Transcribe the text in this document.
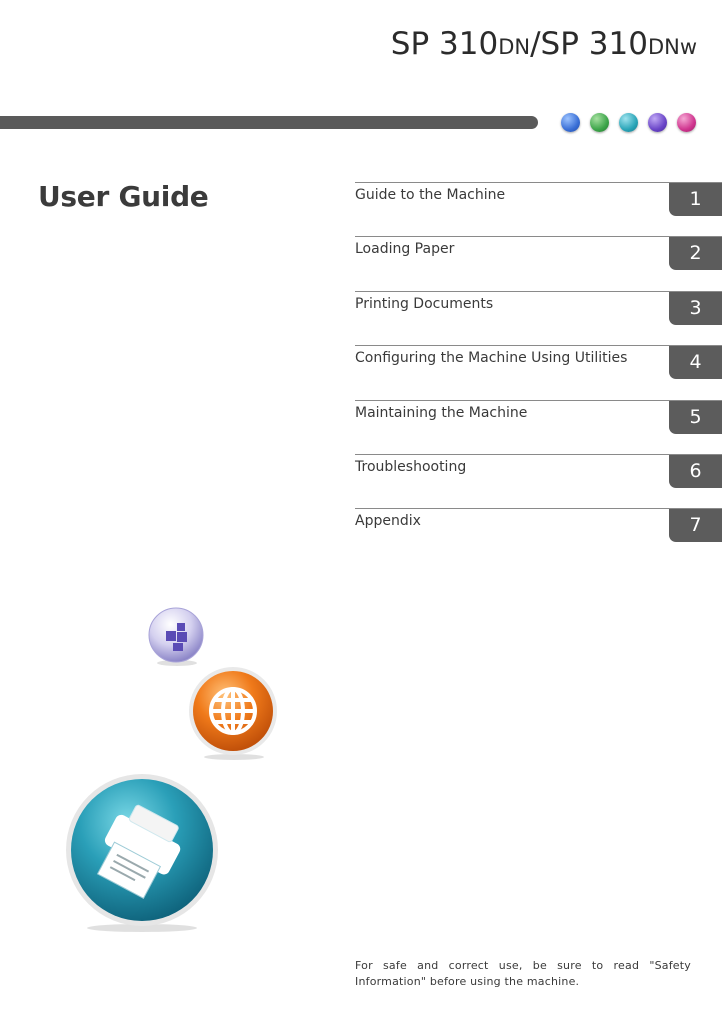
SP 310DN/SP 310DNw
User Guide	Guide to the Machine	1
Loading Paper	2
Printing Documents	3
Configuring the Machine Using Utilities	4
Maintaining the Machine	5
Troubleshooting	6
Appendix	7
For safe and correct use, be sure to read "Safety Information" before using the machine.
